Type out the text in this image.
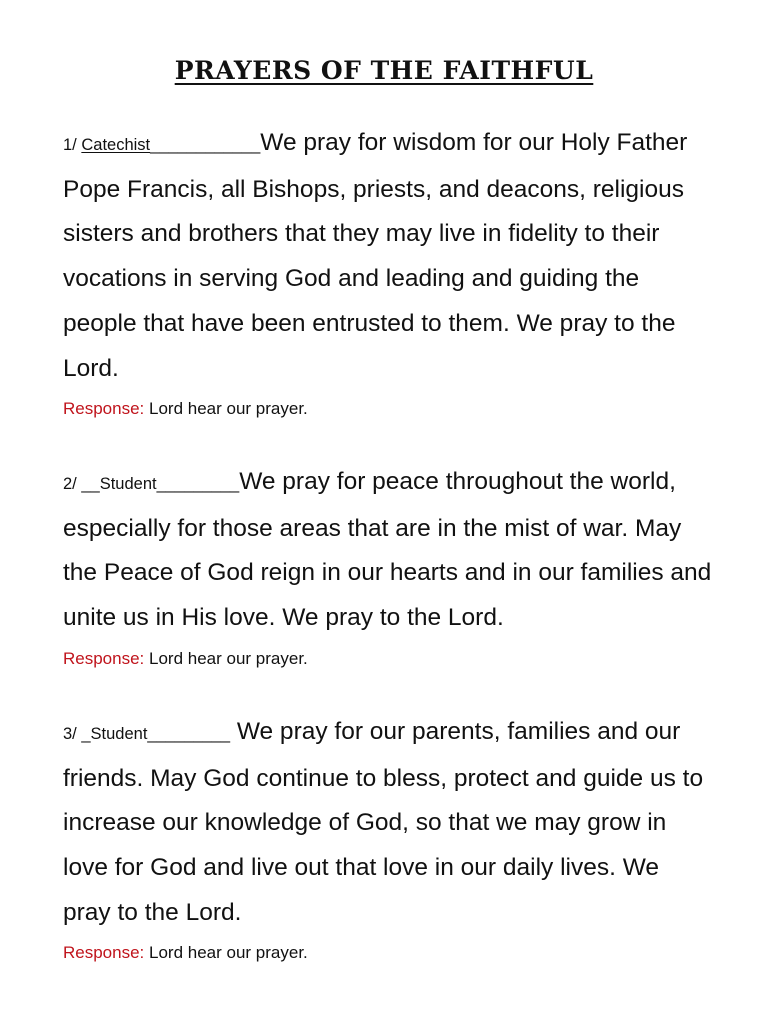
PRAYERS OF THE FAITHFUL
1/ Catechist____________We pray for wisdom for our Holy Father Pope Francis, all Bishops, priests, and deacons, religious sisters and brothers that they may live in fidelity to their vocations in serving God and leading and guiding the people that have been entrusted to them. We pray to the Lord.
Response: Lord hear our prayer.
2/ __Student_________We pray for peace throughout the world, especially for those areas that are in the mist of war. May the Peace of God reign in our hearts and in our families and unite us in His love. We pray to the Lord.
Response: Lord hear our prayer.
3/ _Student_________ We pray for our parents, families and our friends. May God continue to bless, protect and guide us to increase our knowledge of God, so that we may grow in love for God and live out that love in our daily lives. We pray to the Lord.
Response: Lord hear our prayer.
